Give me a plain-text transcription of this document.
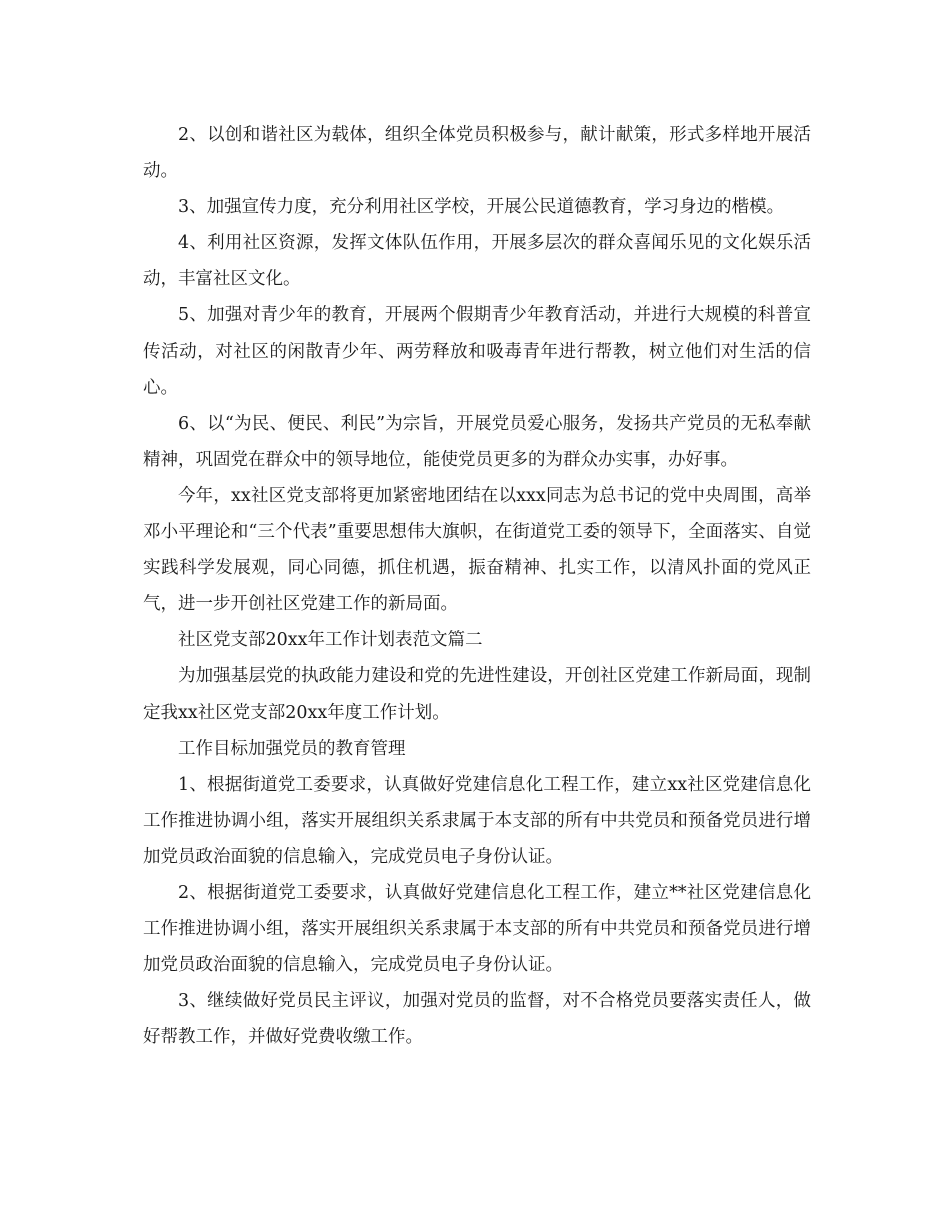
2、以创和谐社区为载体，组织全体党员积极参与，献计献策，形式多样地开展活动。

3、加强宣传力度，充分利用社区学校，开展公民道德教育，学习身边的楷模。

4、利用社区资源，发挥文体队伍作用，开展多层次的群众喜闻乐见的文化娱乐活动，丰富社区文化。

5、加强对青少年的教育，开展两个假期青少年教育活动，并进行大规模的科普宣传活动，对社区的闲散青少年、两劳释放和吸毒青年进行帮教，树立他们对生活的信心。

6、以“为民、便民、利民”为宗旨，开展党员爱心服务，发扬共产党员的无私奉献精神，巩固党在群众中的领导地位，能使党员更多的为群众办实事，办好事。

今年，xx社区党支部将更加紧密地团结在以xxx同志为总书记的党中央周围，高举邓小平理论和“三个代表”重要思想伟大旗帜，在街道党工委的领导下，全面落实、自觉实践科学发展观，同心同德，抓住机遇，振奋精神、扎实工作，以清风扑面的党风正气，进一步开创社区党建工作的新局面。

社区党支部20xx年工作计划表范文篇二

为加强基层党的执政能力建设和党的先进性建设，开创社区党建工作新局面，现制定我xx社区党支部20xx年度工作计划。

工作目标加强党员的教育管理

1、根据街道党工委要求，认真做好党建信息化工程工作，建立xx社区党建信息化工作推进协调小组，落实开展组织关系隶属于本支部的所有中共党员和预备党员进行增加党员政治面貌的信息输入，完成党员电子身份认证。

2、根据街道党工委要求，认真做好党建信息化工程工作，建立**社区党建信息化工作推进协调小组，落实开展组织关系隶属于本支部的所有中共党员和预备党员进行增加党员政治面貌的信息输入，完成党员电子身份认证。

3、继续做好党员民主评议，加强对党员的监督，对不合格党员要落实责任人，做好帮教工作，并做好党费收缴工作。
